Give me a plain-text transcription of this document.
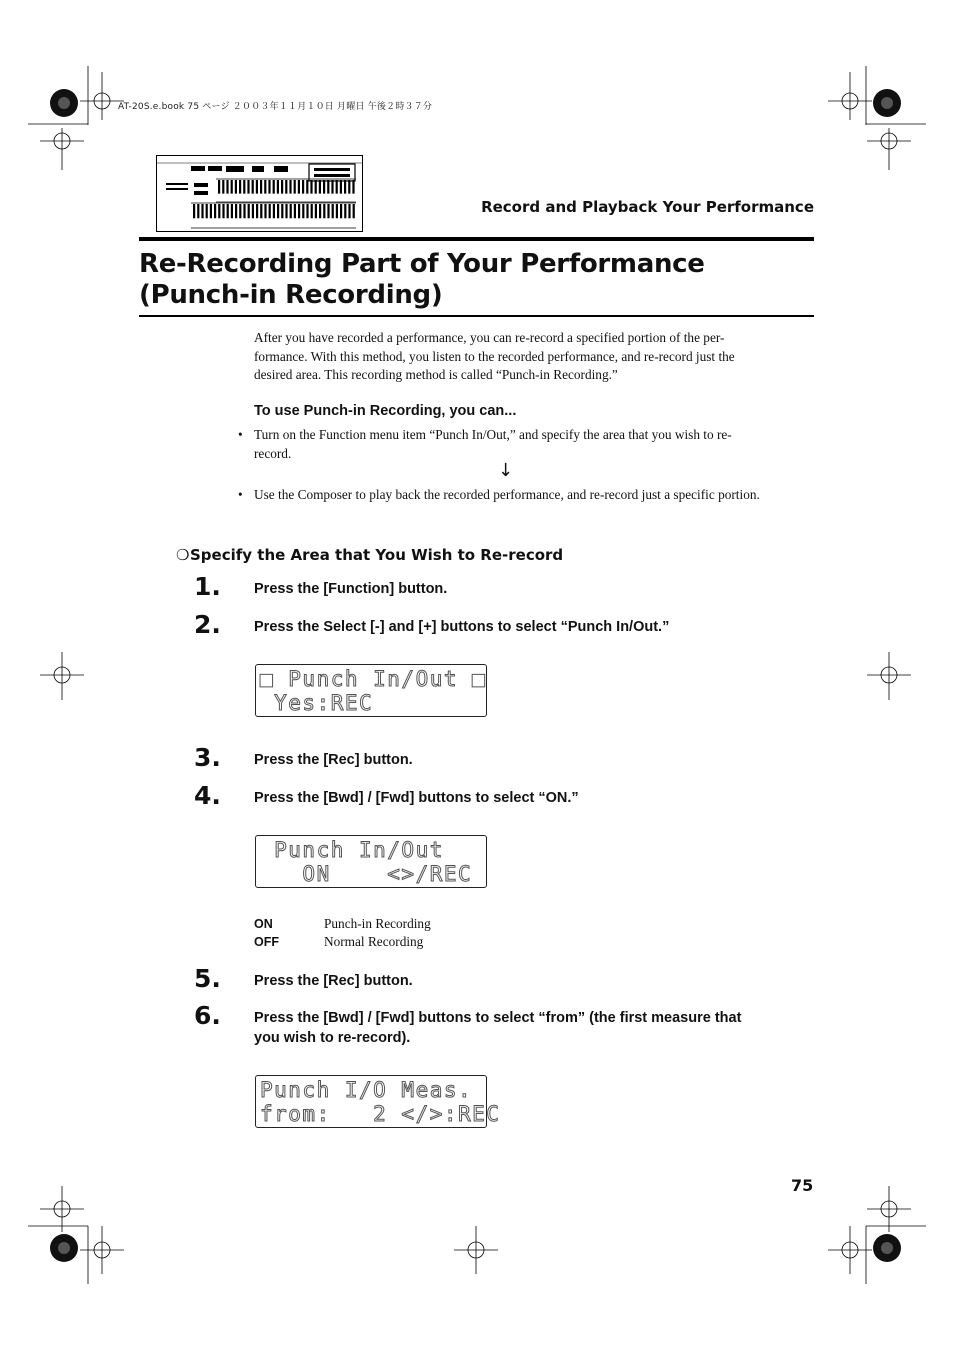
AT-20S.e.book 75 ページ ２００３年１１月１０日 月曜日 午後２時３７分
Record and Playback Your Performance
Re-Recording Part of Your Performance (Punch-in Recording)

After you have recorded a performance, you can re-record a specified portion of the per-formance. With this method, you listen to the recorded performance, and re-record just the desired area. This recording method is called “Punch-in Recording.”

To use Punch-in Recording, you can...
• Turn on the Function menu item “Punch In/Out,” and specify the area that you wish to re-record.
↓
• Use the Composer to play back the recorded performance, and re-record just a specific portion.
❍Specify the Area that You Wish to Re-record
1. Press the [Function] button.
2. Press the Select [-] and [+] buttons to select “Punch In/Out.”
■ Punch In/Out ■
Yes:REC
3. Press the [Rec] button.
4. Press the [Bwd] / [Fwd] buttons to select “ON.”
Punch In/Out
ON    <>/REC
ON	Punch-in Recording
OFF	Normal Recording
5. Press the [Rec] button.
6. Press the [Bwd] / [Fwd] buttons to select “from” (the first measure that you wish to re-record).
Punch I/O Meas.
from:   2 </>:REC
75
